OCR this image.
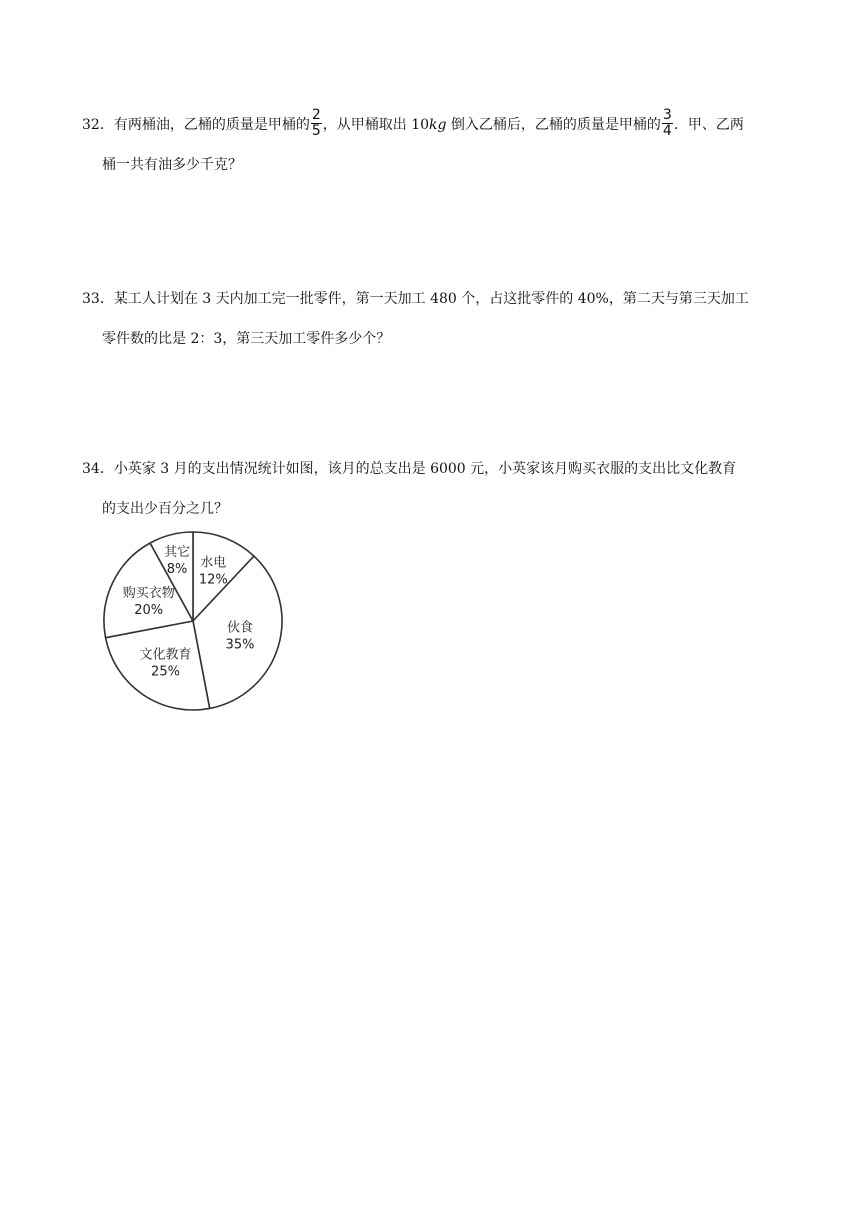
32．有两桶油，乙桶的质量是甲桶的 $\frac{2}{5}$ ，从甲桶取出 10kg 倒入乙桶后，乙桶的质量是甲桶的 $\frac{3}{4}$ ．甲、乙两
桶一共有油多少千克？
33．某工人计划在 3 天内加工完一批零件，第一天加工 480 个，占这批零件的 40%，第二天与第三天加工
零件数的比是 2：3，第三天加工零件多少个？
34．小英家 3 月的支出情况统计如图，该月的总支出是 6000 元，小英家该月购买衣服的支出比文化教育
的支出少百分之几？
水电
12%
伙食
35%
文化教育
25%
购买衣物
20%
其它
8%
